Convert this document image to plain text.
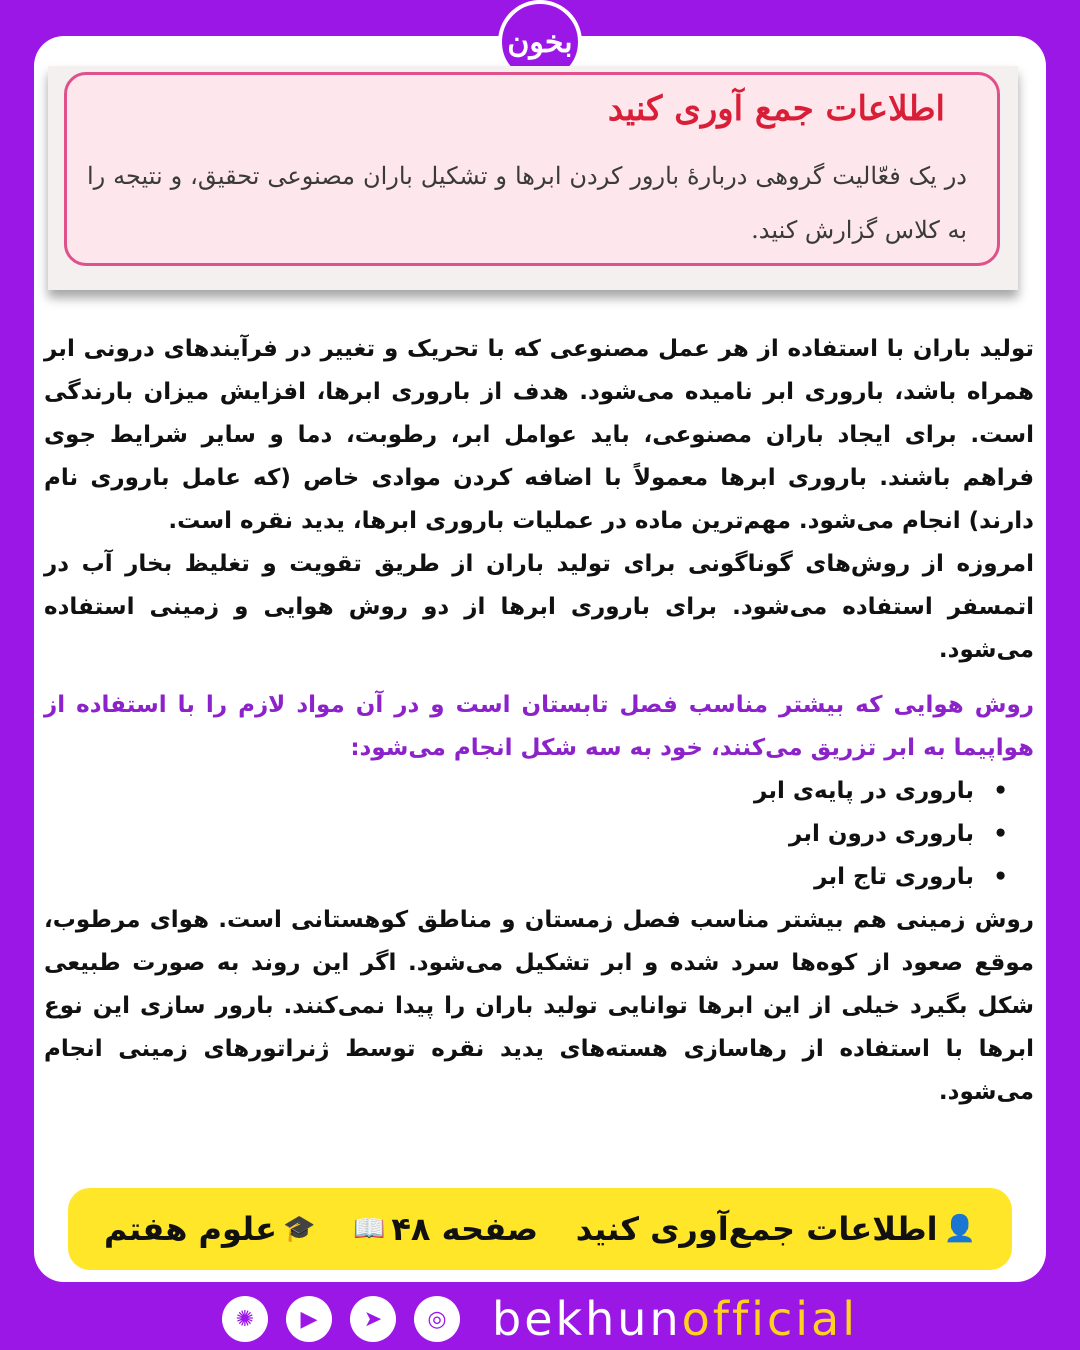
بخون
اطلاعات جمع آوری کنید
در یک فعّالیت گروهی دربارهٔ بارور کردن ابرها و تشکیل باران مصنوعی تحقیق، و نتیجه را به کلاس گزارش کنید.

تولید باران با استفاده از هر عمل مصنوعی که با تحریک و تغییر در فرآیندهای درونی ابر همراه باشد، باروری ابر نامیده می‌شود. هدف از باروری ابرها، افزایش میزان بارندگی است. برای ایجاد باران مصنوعی، باید عوامل ابر، رطوبت، دما و سایر شرایط جوی فراهم باشند. باروری ابرها معمولاً با اضافه کردن موادی خاص (که عامل باروری نام دارند) انجام می‌شود. مهم‌ترین ماده در عملیات باروری ابرها، یدید نقره است.

امروزه از روش‌های گوناگونی برای تولید باران از طریق تقویت و تغلیظ بخار آب در اتمسفر استفاده می‌شود. برای باروری ابرها از دو روش هوایی و زمینی استفاده می‌شود.

روش هوایی که بیشتر مناسب فصل تابستان است و در آن مواد لازم را با استفاده از هواپیما به ابر تزریق می‌کنند، خود به سه شکل انجام می‌شود:

• باروری در پایه‌ی ابر
• باروری درون ابر
• باروری تاج ابر

روش زمینی هم بیشتر مناسب فصل زمستان و مناطق کوهستانی است. هوای مرطوب، موقع صعود از کوه‌ها سرد شده و ابر تشکیل می‌شود. اگر این روند به صورت طبیعی شکل بگیرد خیلی از این ابرها توانایی تولید باران را پیدا نمی‌کنند. بارور سازی این نوع ابرها با استفاده از رهاسازی هسته‌های یدید نقره توسط ژنراتورهای زمینی انجام می‌شود.

👤
اطلاعات جمع‌آوری کنید
صفحه ۴۸
📖
🎓
علوم هفتم
✺	▶	➤	◎ bekhunofficial
